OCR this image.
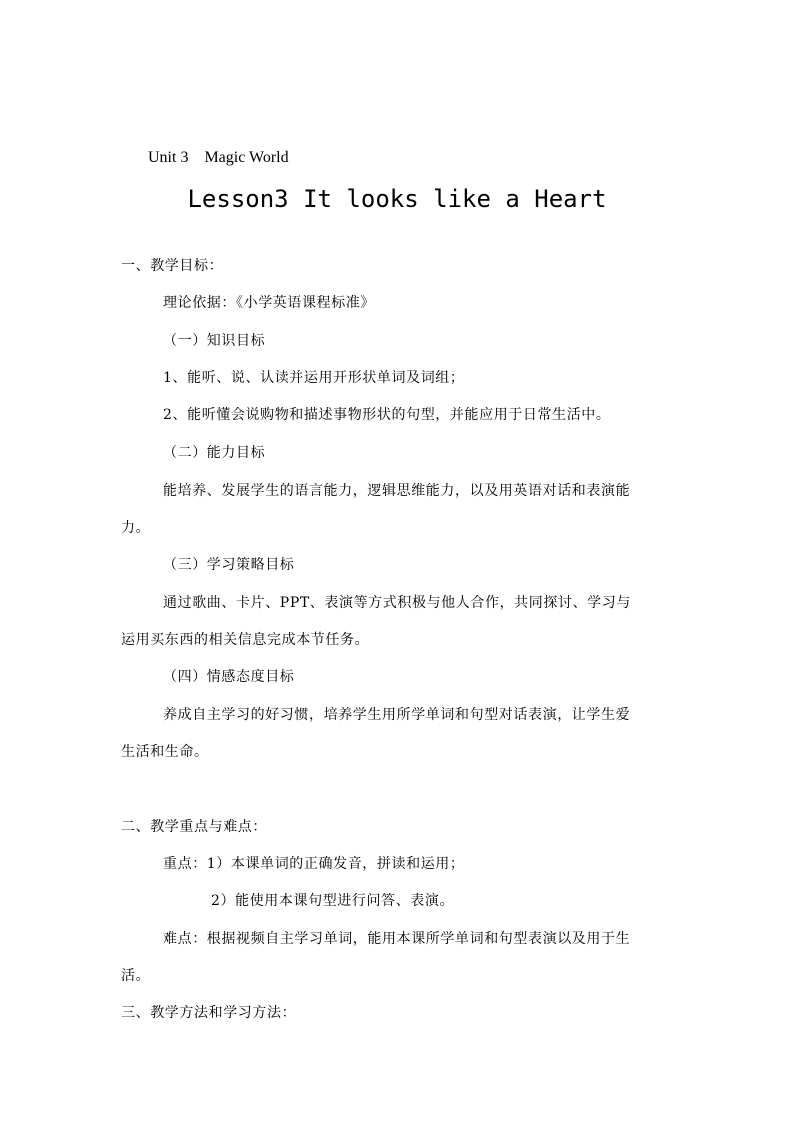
Unit 3    Magic World
Lesson3 It looks like a Heart
一、教学目标：
理论依据：《小学英语课程标准》
（一）知识目标
1、能听、说、认读并运用开形状单词及词组；
2、能听懂会说购物和描述事物形状的句型，并能应用于日常生活中。
（二）能力目标
能培养、发展学生的语言能力，逻辑思维能力，以及用英语对话和表演能
力。
（三）学习策略目标
通过歌曲、卡片、PPT、表演等方式积极与他人合作，共同探讨、学习与
运用买东西的相关信息完成本节任务。
（四）情感态度目标
养成自主学习的好习惯，培养学生用所学单词和句型对话表演，让学生爱
生活和生命。
二、教学重点与难点：
重点：1）本课单词的正确发音，拼读和运用；
2）能使用本课句型进行问答、表演。
难点：根据视频自主学习单词，能用本课所学单词和句型表演以及用于生
活。
三、教学方法和学习方法：
